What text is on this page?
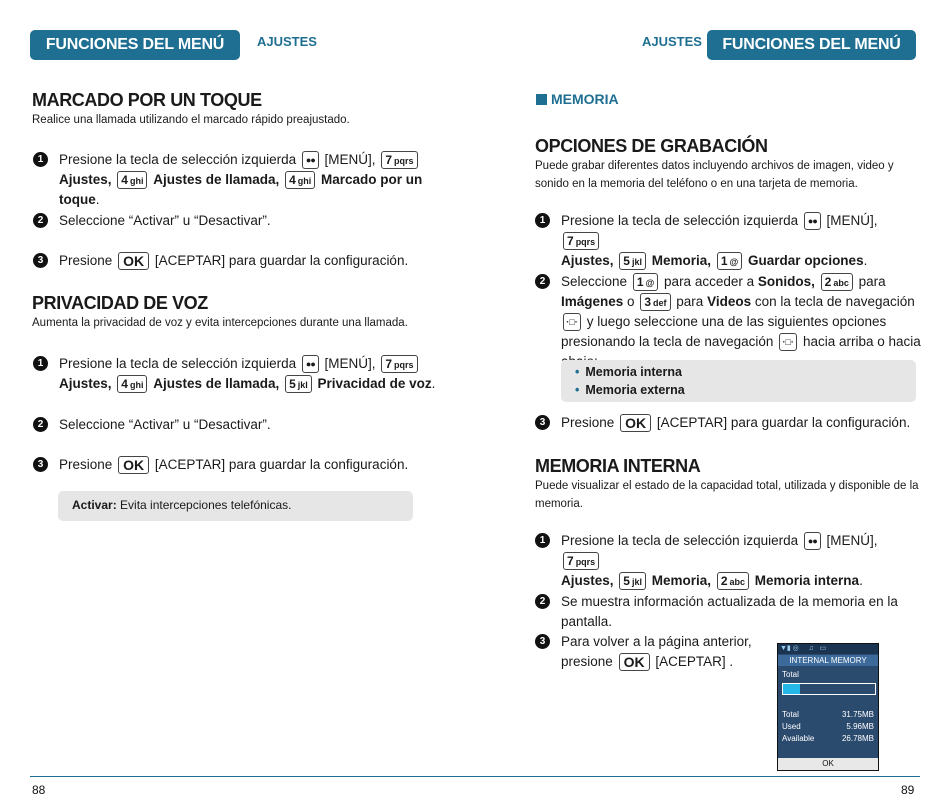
FUNCIONES DEL MENÚ	AJUSTES
MARCADO POR UN TOQUE

Realice una llamada utilizando el marcado rápido preajustado.

1	Presione la tecla de selección izquierda ●● [MENÚ], 7 pqrs
Ajustes, 4 ghi Ajustes de llamada, 4 ghi Marcado por un toque.
2	Seleccione “Activar” u “Desactivar”.
3	Presione OK [ACEPTAR] para guardar la configuración.
PRIVACIDAD DE VOZ

Aumenta la privacidad de voz y evita intercepciones durante una llamada.

1	Presione la tecla de selección izquierda ●● [MENÚ], 7 pqrs
Ajustes, 4 ghi Ajustes de llamada, 5 jkl Privacidad de voz.
2	Seleccione “Activar” u “Desactivar”.
3	Presione OK [ACEPTAR] para guardar la configuración.
Activar: Evita intercepciones telefónicas.
88
AJUSTES	FUNCIONES DEL MENÚ
MEMORIA
OPCIONES DE GRABACIÓN

Puede grabar diferentes datos incluyendo archivos de imagen, video y sonido en la memoria del teléfono o en una tarjeta de memoria.

1	Presione la tecla de selección izquierda ●● [MENÚ], 7 pqrs
Ajustes, 5 jkl Memoria, 1 @ Guardar opciones.
2	Seleccione 1 @ para acceder a Sonidos, 2 abc para Imágenes o 3 def para Videos con la tecla de navegación ·□· y luego seleccione una de las siguientes opciones presionando la tecla de navegación ·□· hacia arriba o hacia
• Memoria interna
• Memoria externa
3	Presione OK [ACEPTAR] para guardar la configuración.
MEMORIA INTERNA

Puede visualizar el estado de la capacidad total, utilizada y disponible de la memoria.

1	Presione la tecla de selección izquierda ●● [MENÚ], 7 pqrs
Ajustes, 5 jkl Memoria, 2 abc Memoria interna.
2	Se muestra información actualizada de la memoria en la pantalla.
3	Para volver a la página anterior,
presione OK [ACEPTAR] .
89
▼▮ ◎     ♫   ▭
INTERNAL MEMORY
Total
Total	31.75MB
Used	5.96MB
Available	26.78MB
OK
